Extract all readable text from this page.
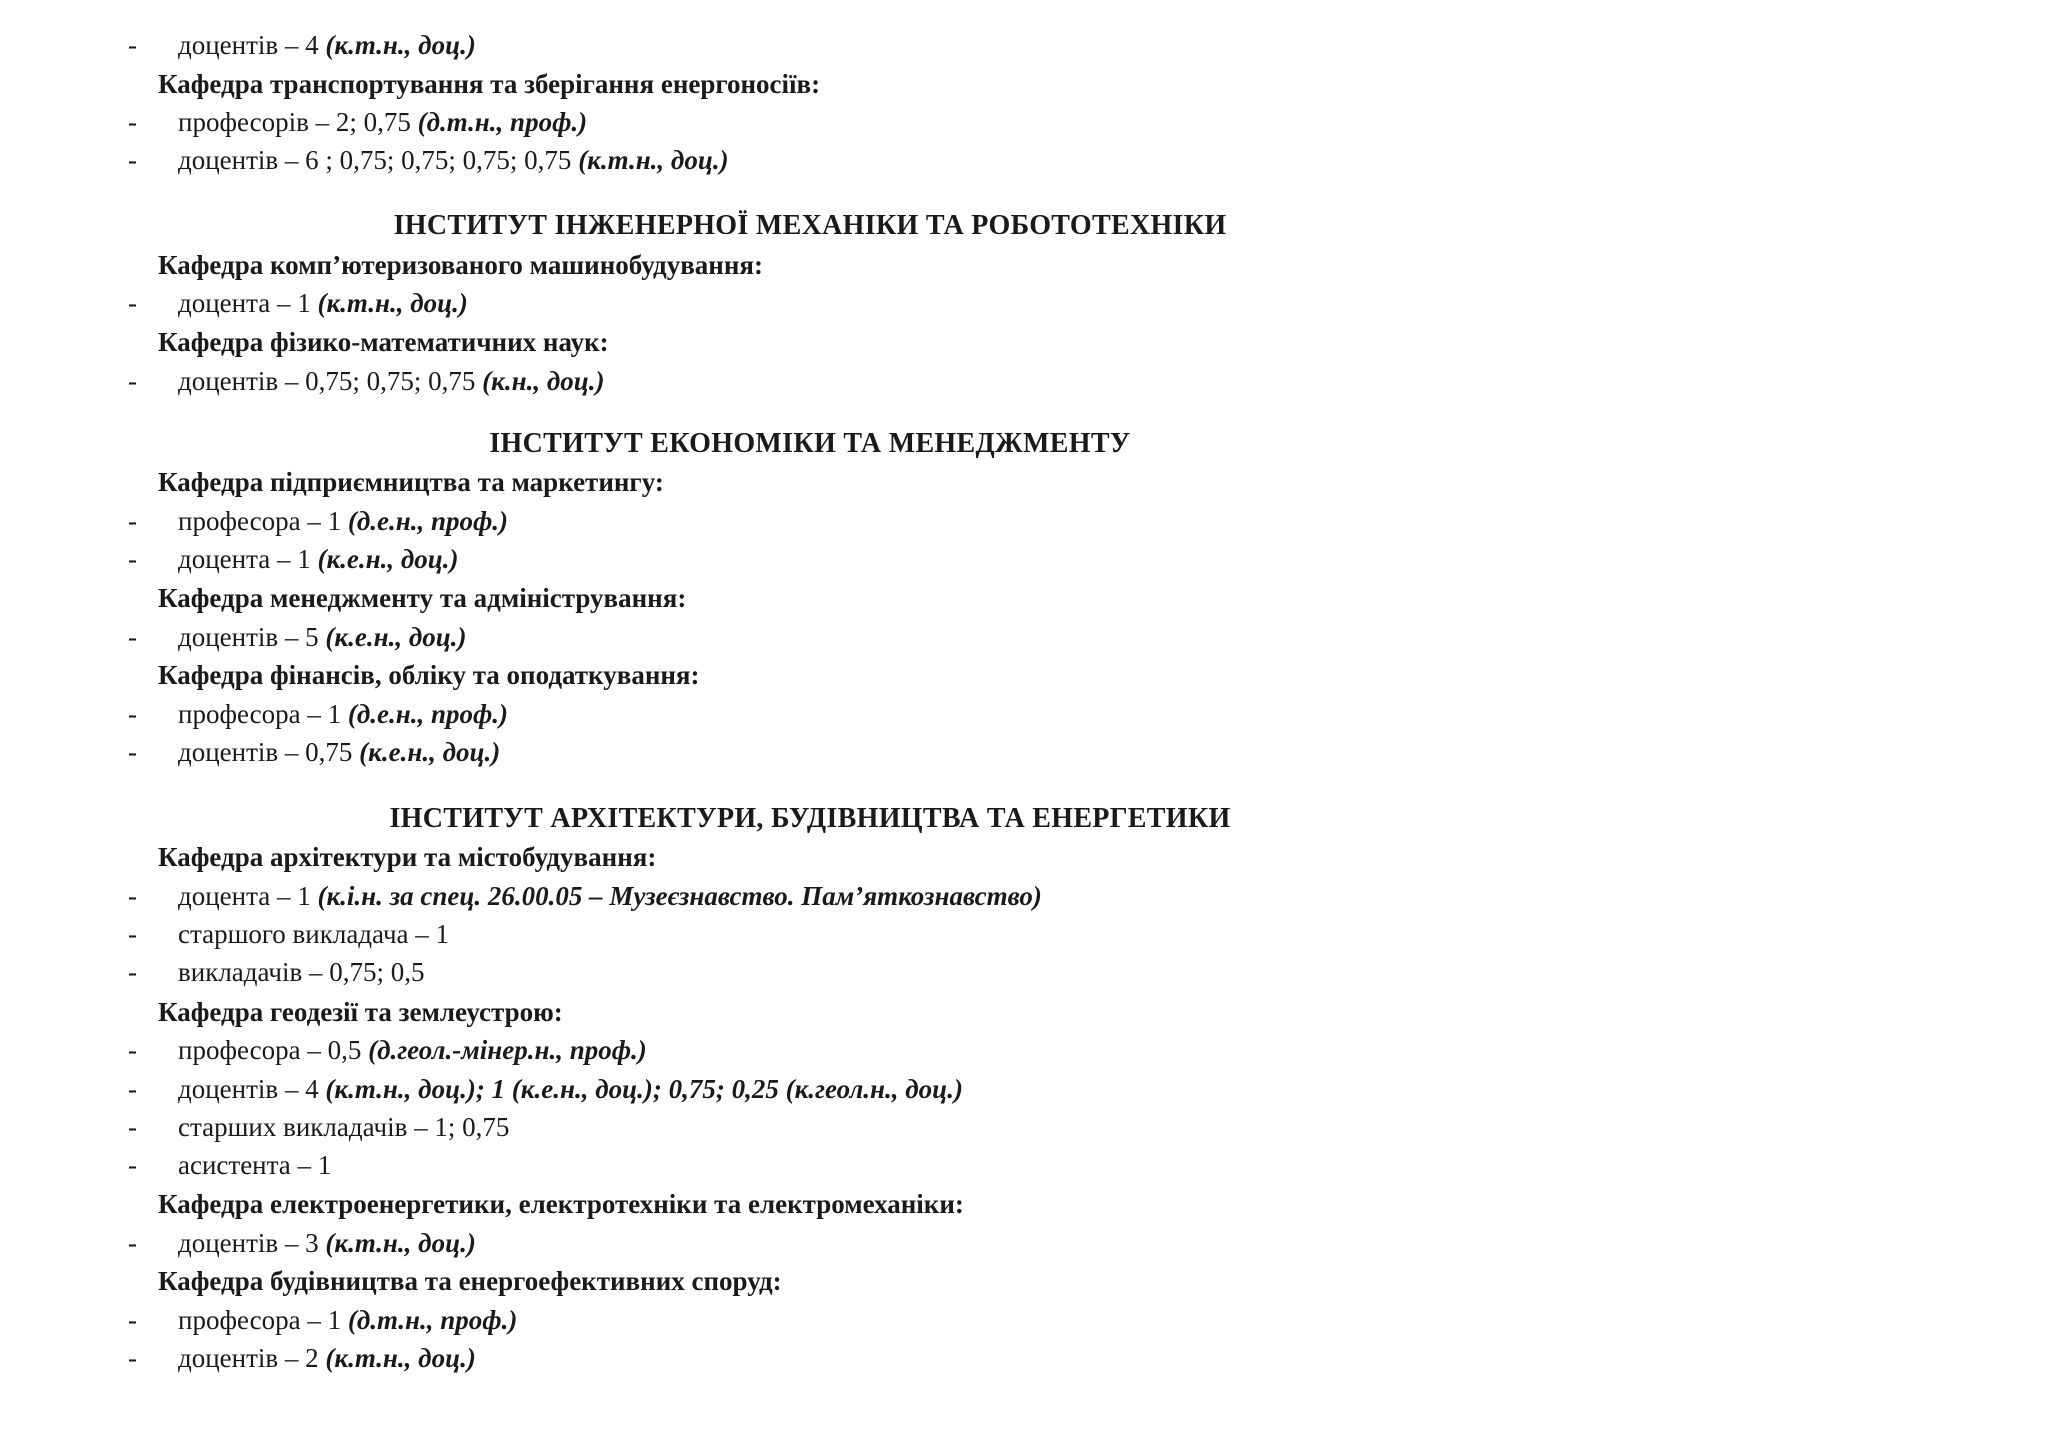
- доцентів – 4 (к.т.н., доц.)
Кафедра транспортування та зберігання енергоносіїв:
- професорів – 2; 0,75 (д.т.н., проф.)
- доцентів – 6 ; 0,75; 0,75; 0,75; 0,75 (к.т.н., доц.)
ІНСТИТУТ ІНЖЕНЕРНОЇ МЕХАНІКИ ТА РОБОТОТЕХНІКИ
Кафедра комп’ютеризованого машинобудування:
- доцента – 1 (к.т.н., доц.)
Кафедра фізико-математичних наук:
- доцентів – 0,75; 0,75; 0,75 (к.н., доц.)
ІНСТИТУТ ЕКОНОМІКИ ТА МЕНЕДЖМЕНТУ
Кафедра підприємництва та маркетингу:
- професора – 1 (д.е.н., проф.)
- доцента – 1 (к.е.н., доц.)
Кафедра менеджменту та адміністрування:
- доцентів – 5 (к.е.н., доц.)
Кафедра фінансів, обліку та оподаткування:
- професора – 1 (д.е.н., проф.)
- доцентів – 0,75 (к.е.н., доц.)
ІНСТИТУТ АРХІТЕКТУРИ, БУДІВНИЦТВА ТА ЕНЕРГЕТИКИ
Кафедра архітектури та містобудування:
- доцента – 1 (к.і.н. за спец. 26.00.05 – Музеєзнавство. Пам’яткознавство)
- старшого викладача – 1
- викладачів – 0,75; 0,5
Кафедра геодезії та землеустрою:
- професора – 0,5 (д.геол.-мінер.н., проф.)
- доцентів – 4 (к.т.н., доц.); 1 (к.е.н., доц.); 0,75; 0,25 (к.геол.н., доц.)
- старших викладачів – 1; 0,75
- асистента – 1
Кафедра електроенергетики, електротехніки та електромеханіки:
- доцентів – 3 (к.т.н., доц.)
Кафедра будівництва та енергоефективних споруд:
- професора – 1 (д.т.н., проф.)
- доцентів – 2 (к.т.н., доц.)
